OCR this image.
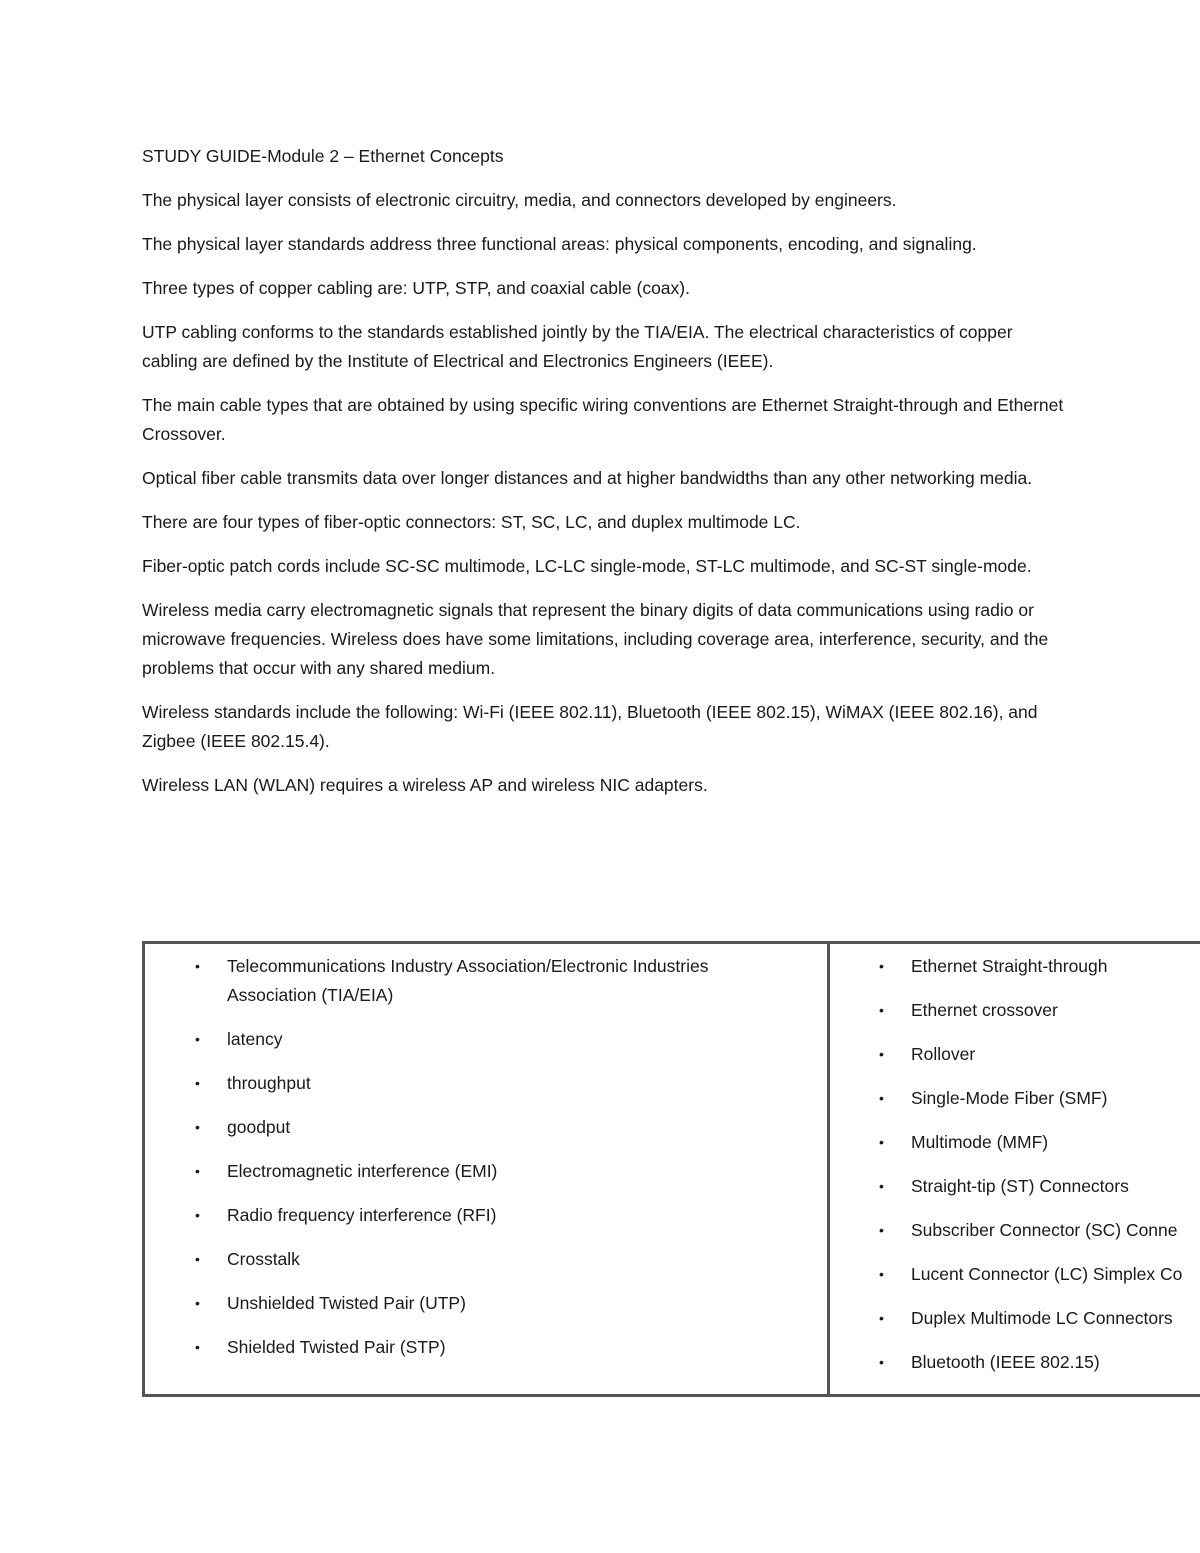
STUDY GUIDE-Module 2 – Ethernet Concepts

The physical layer consists of electronic circuitry, media, and connectors developed by engineers.

The physical layer standards address three functional areas: physical components, encoding, and signaling.

Three types of copper cabling are: UTP, STP, and coaxial cable (coax).

UTP cabling conforms to the standards established jointly by the TIA/EIA. The electrical characteristics of copper cabling are defined by the Institute of Electrical and Electronics Engineers (IEEE).

The main cable types that are obtained by using specific wiring conventions are Ethernet Straight-through and Ethernet Crossover.

Optical fiber cable transmits data over longer distances and at higher bandwidths than any other networking media.

There are four types of fiber-optic connectors: ST, SC, LC, and duplex multimode LC.

Fiber-optic patch cords include SC-SC multimode, LC-LC single-mode, ST-LC multimode, and SC-ST single-mode.

Wireless media carry electromagnetic signals that represent the binary digits of data communications using radio or microwave frequencies. Wireless does have some limitations, including coverage area, interference, security, and the problems that occur with any shared medium.

Wireless standards include the following: Wi-Fi (IEEE 802.11), Bluetooth (IEEE 802.15), WiMAX (IEEE 802.16), and Zigbee (IEEE 802.15.4).

Wireless LAN (WLAN) requires a wireless AP and wireless NIC adapters.

• Telecommunications Industry Association/Electronic Industries Association (TIA/EIA)
• latency
• throughput
• goodput
• Electromagnetic interference (EMI)
• Radio frequency interference (RFI)
• Crosstalk
• Unshielded Twisted Pair (UTP)
• Shielded Twisted Pair (STP)
• Ethernet Straight-through
• Ethernet crossover
• Rollover
• Single-Mode Fiber (SMF)
• Multimode (MMF)
• Straight-tip (ST) Connectors
• Subscriber Connector (SC) Conne
• Lucent Connector (LC) Simplex Co
• Duplex Multimode LC Connectors
• Bluetooth (IEEE 802.15)
